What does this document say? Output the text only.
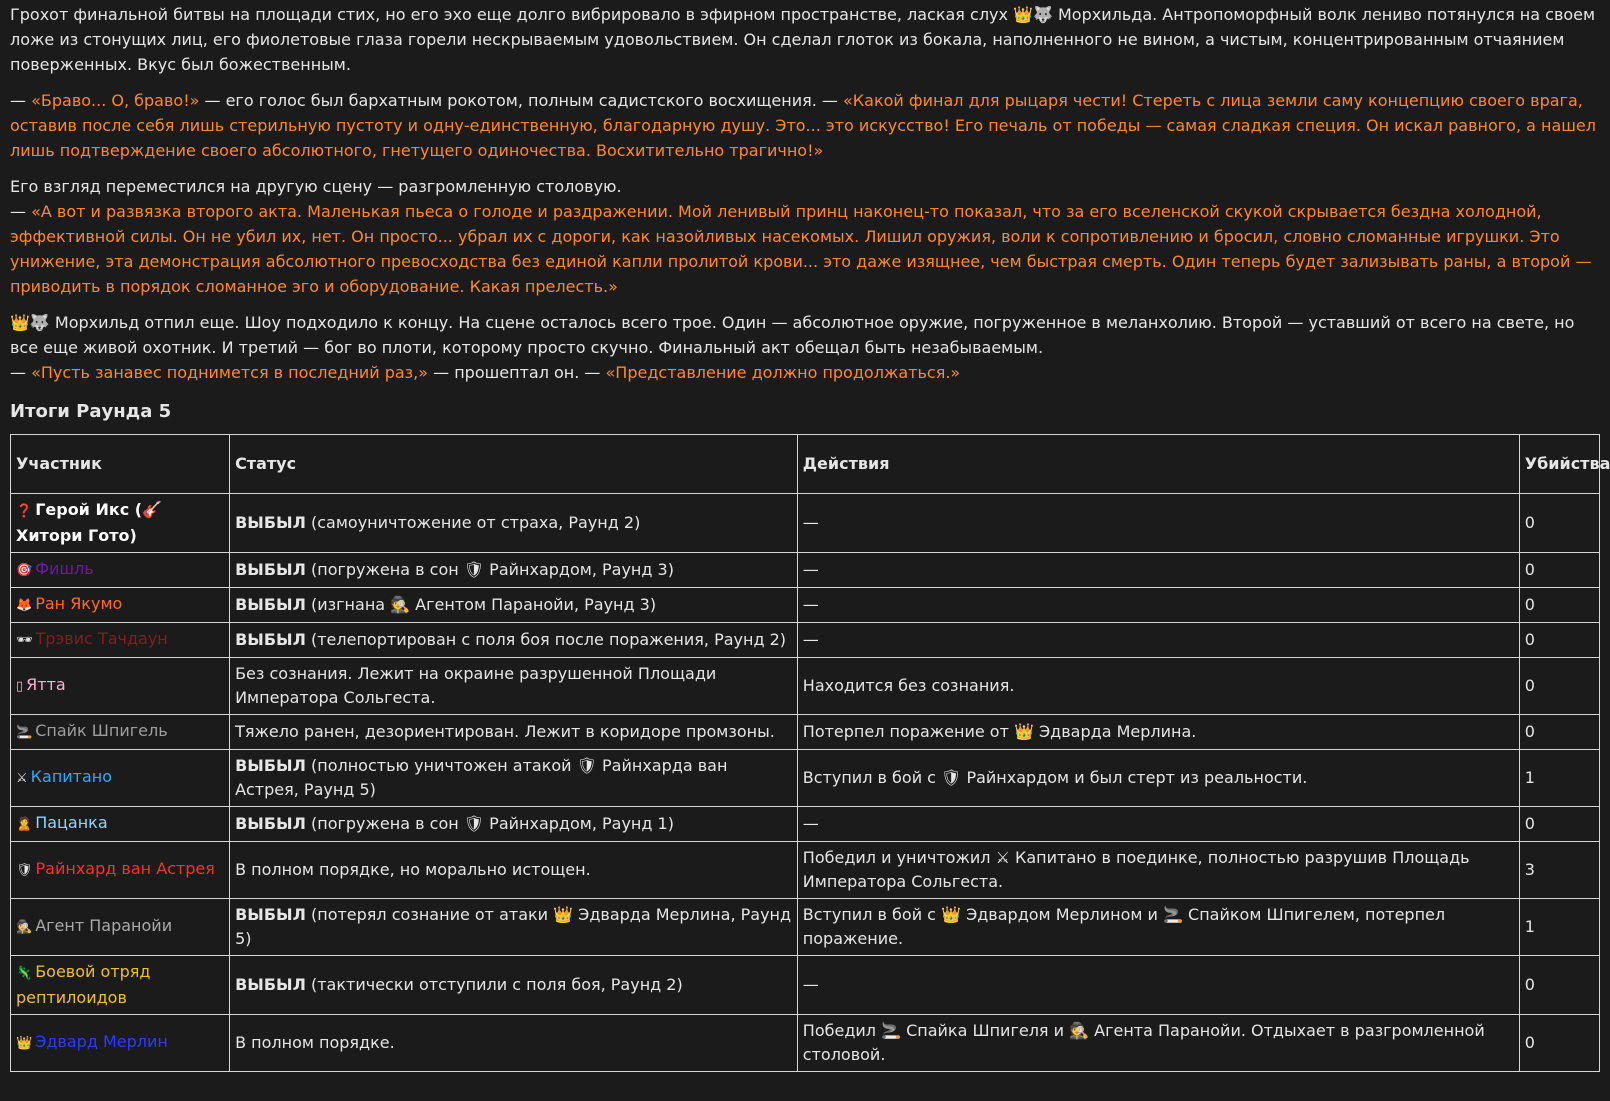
Грохот финальной битвы на площади стих, но его эхо еще долго вибрировало в эфирном пространстве, лаская слух 👑🐺 Морхильда. Антропоморфный волк лениво потянулся на своем ложе из стонущих лиц, его фиолетовые глаза горели нескрываемым удовольствием. Он сделал глоток из бокала, наполненного не вином, а чистым, концентрированным отчаянием поверженных. Вкус был божественным.

— «Браво... О, браво!» — его голос был бархатным рокотом, полным садистского восхищения. — «Какой финал для рыцаря чести! Стереть с лица земли саму концепцию своего врага, оставив после себя лишь стерильную пустоту и одну-единственную, благодарную душу. Это... это искусство! Его печаль от победы — самая сладкая специя. Он искал равного, а нашел лишь подтверждение своего абсолютного, гнетущего одиночества. Восхитительно трагично!»

Его взгляд переместился на другую сцену — разгромленную столовую.
— «А вот и развязка второго акта. Маленькая пьеса о голоде и раздражении. Мой ленивый принц наконец-то показал, что за его вселенской скукой скрывается бездна холодной, эффективной силы. Он не убил их, нет. Он просто... убрал их с дороги, как назойливых насекомых. Лишил оружия, воли к сопротивлению и бросил, словно сломанные игрушки. Это унижение, эта демонстрация абсолютного превосходства без единой капли пролитой крови... это даже изящнее, чем быстрая смерть. Один теперь будет зализывать раны, а второй — приводить в порядок сломанное эго и оборудование. Какая прелесть.»

👑🐺 Морхильд отпил еще. Шоу подходило к концу. На сцене осталось всего трое. Один — абсолютное оружие, погруженное в меланхолию. Второй — уставший от всего на свете, но все еще живой охотник. И третий — бог во плоти, которому просто скучно. Финальный акт обещал быть незабываемым.
— «Пусть занавес поднимется в последний раз,» — прошептал он. — «Представление должно продолжаться.»

Итоги Раунда 5
Участник	Статус	Действия	Убийства
❓ Герой Икс (🎸 Хитори Гото)	ВЫБЫЛ (самоуничтожение от страха, Раунд 2)	—	0
🎯 Фишль	ВЫБЫЛ (погружена в сон 🛡 Райнхардом, Раунд 3)	—	0
🦊 Ран Якумо	ВЫБЫЛ (изгнана 🕵 Агентом Паранойи, Раунд 3)	—	0
🕶 Трэвис Тачдаун	ВЫБЫЛ (телепортирован с поля боя после поражения, Раунд 2)	—	0
▯ Ятта	Без сознания. Лежит на окраине разрушенной Площади Императора Сольгеста.	Находится без сознания.	0
🚬 Спайк Шпигель	Тяжело ранен, дезориентирован. Лежит в коридоре промзоны.	Потерпел поражение от 👑 Эдварда Мерлина.	0
⚔ Капитано	ВЫБЫЛ (полностью уничтожен атакой 🛡 Райнхарда ван Астрея, Раунд 5)	Вступил в бой с 🛡 Райнхардом и был стерт из реальности.	1
🙎 Пацанка	ВЫБЫЛ (погружена в сон 🛡 Райнхардом, Раунд 1)	—	0
🛡 Райнхард ван Астрея	В полном порядке, но морально истощен.	Победил и уничтожил ⚔ Капитано в поединке, полностью разрушив Площадь Императора Сольгеста.	3
🕵 Агент Паранойи	ВЫБЫЛ (потерял сознание от атаки 👑 Эдварда Мерлина, Раунд 5)	Вступил в бой с 👑 Эдвардом Мерлином и 🚬 Спайком Шпигелем, потерпел поражение.	1
🦎 Боевой отряд рептилоидов	ВЫБЫЛ (тактически отступили с поля боя, Раунд 2)	—	0
👑 Эдвард Мерлин	В полном порядке.	Победил 🚬 Спайка Шпигеля и 🕵 Агента Паранойи. Отдыхает в разгромленной столовой.	0
